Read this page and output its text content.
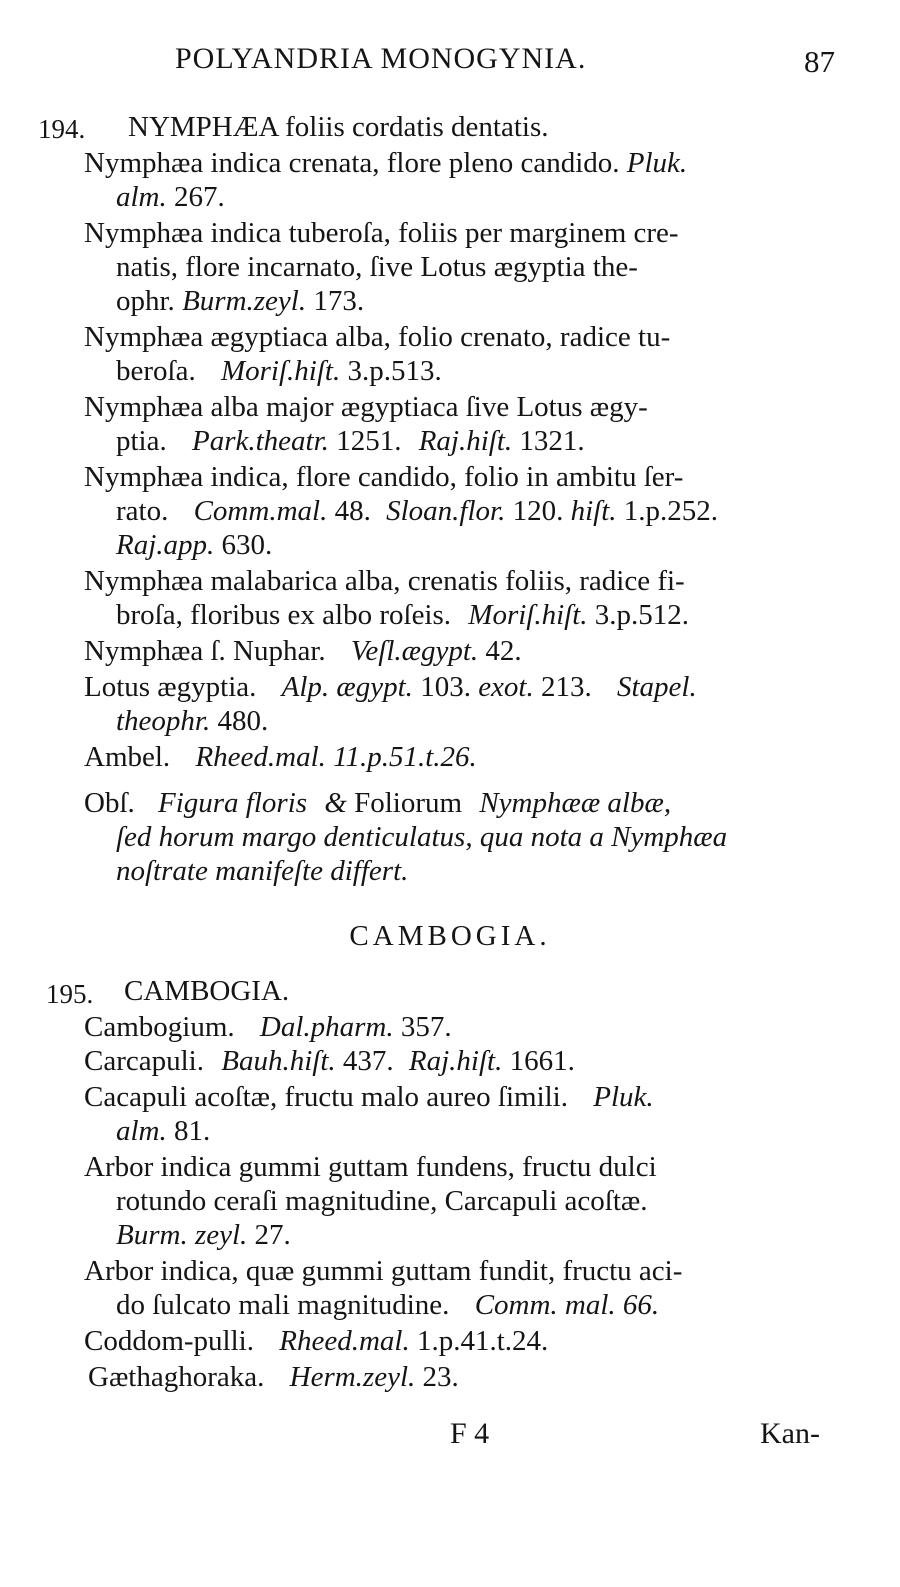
POLYANDRIA MONOGYNIA.	87
194. NYMPHÆA foliis cordatis dentatis.
Nymphæa indica crenata, flore pleno candido. Pluk.
alm. 267.
Nymphæa indica tuberoſa, foliis per marginem cre-
natis, flore incarnato, ſive Lotus ægyptia the-
ophr. Burm.zeyl. 173.
Nymphæa ægyptiaca alba, folio crenato, radice tu-
beroſa. Moriſ.hiſt. 3.p.513.
Nymphæa alba major ægyptiaca ſive Lotus ægy-
ptia. Park.theatr. 1251. Raj.hiſt. 1321.
Nymphæa indica, flore candido, folio in ambitu ſer-
rato. Comm.mal. 48. Sloan.flor. 120. hiſt. 1.p.252.
Raj.app. 630.
Nymphæa malabarica alba, crenatis foliis, radice fi-
broſa, floribus ex albo roſeis. Moriſ.hiſt. 3.p.512.
Nymphæa ſ. Nuphar. Veſl.ægypt. 42.
Lotus ægyptia. Alp. ægypt. 103. exot. 213. Stapel.
theophr. 480.
Ambel. Rheed.mal. 11.p.51.t.26.
Obſ. Figura floris & Foliorum Nymphææ albæ,
ſed horum margo denticulatus, qua nota a Nymphæa
noſtrate manifeſte differt.
CAMBOGIA.
195. CAMBOGIA.
Cambogium. Dal.pharm. 357.
Carcapuli. Bauh.hiſt. 437. Raj.hiſt. 1661.
Cacapuli acoſtæ, fructu malo aureo ſimili. Pluk.
alm. 81.
Arbor indica gummi guttam fundens, fructu dulci
rotundo ceraſi magnitudine, Carcapuli acoſtæ.
Burm. zeyl. 27.
Arbor indica, quæ gummi guttam fundit, fructu aci-
do ſulcato mali magnitudine. Comm. mal. 66.
Coddom-pulli. Rheed.mal. 1.p.41.t.24.
Gæthaghoraka. Herm.zeyl. 23.
F 4	Kan-
